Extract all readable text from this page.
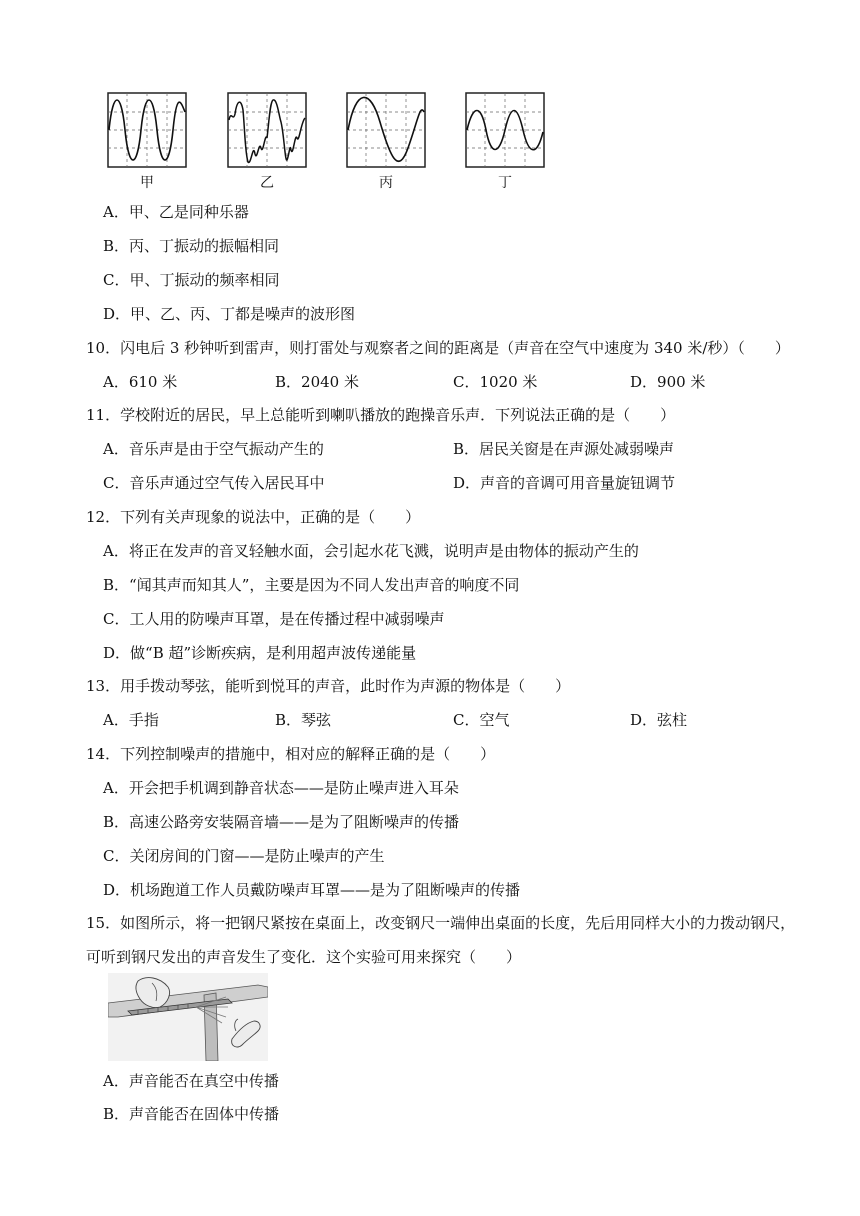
甲	乙	丙	丁
A．甲、乙是同种乐器
B．丙、丁振动的振幅相同
C．甲、丁振动的频率相同
D．甲、乙、丙、丁都是噪声的波形图
10．闪电后 3 秒钟听到雷声，则打雷处与观察者之间的距离是（声音在空气中速度为 340 米/秒）（　　）
A．610 米	B．2040 米	C．1020 米	D．900 米
11．学校附近的居民，早上总能听到喇叭播放的跑操音乐声．下列说法正确的是（　　）
A．音乐声是由于空气振动产生的	B．居民关窗是在声源处减弱噪声
C．音乐声通过空气传入居民耳中	D．声音的音调可用音量旋钮调节
12．下列有关声现象的说法中，正确的是（　　）
A．将正在发声的音叉轻触水面，会引起水花飞溅，说明声是由物体的振动产生的
B．“闻其声而知其人”，主要是因为不同人发出声音的响度不同
C．工人用的防噪声耳罩，是在传播过程中减弱噪声
D．做“B 超”诊断疾病，是利用超声波传递能量
13．用手拨动琴弦，能听到悦耳的声音，此时作为声源的物体是（　　）
A．手指	B．琴弦	C．空气	D．弦柱
14．下列控制噪声的措施中，相对应的解释正确的是（　　）
A．开会把手机调到静音状态——是防止噪声进入耳朵
B．高速公路旁安装隔音墙——是为了阻断噪声的传播
C．关闭房间的门窗——是防止噪声的产生
D．机场跑道工作人员戴防噪声耳罩——是为了阻断噪声的传播
15．如图所示，将一把钢尺紧按在桌面上，改变钢尺一端伸出桌面的长度，先后用同样大小的力拨动钢尺，
可听到钢尺发出的声音发生了变化．这个实验可用来探究（　　）
A．声音能否在真空中传播
B．声音能否在固体中传播
